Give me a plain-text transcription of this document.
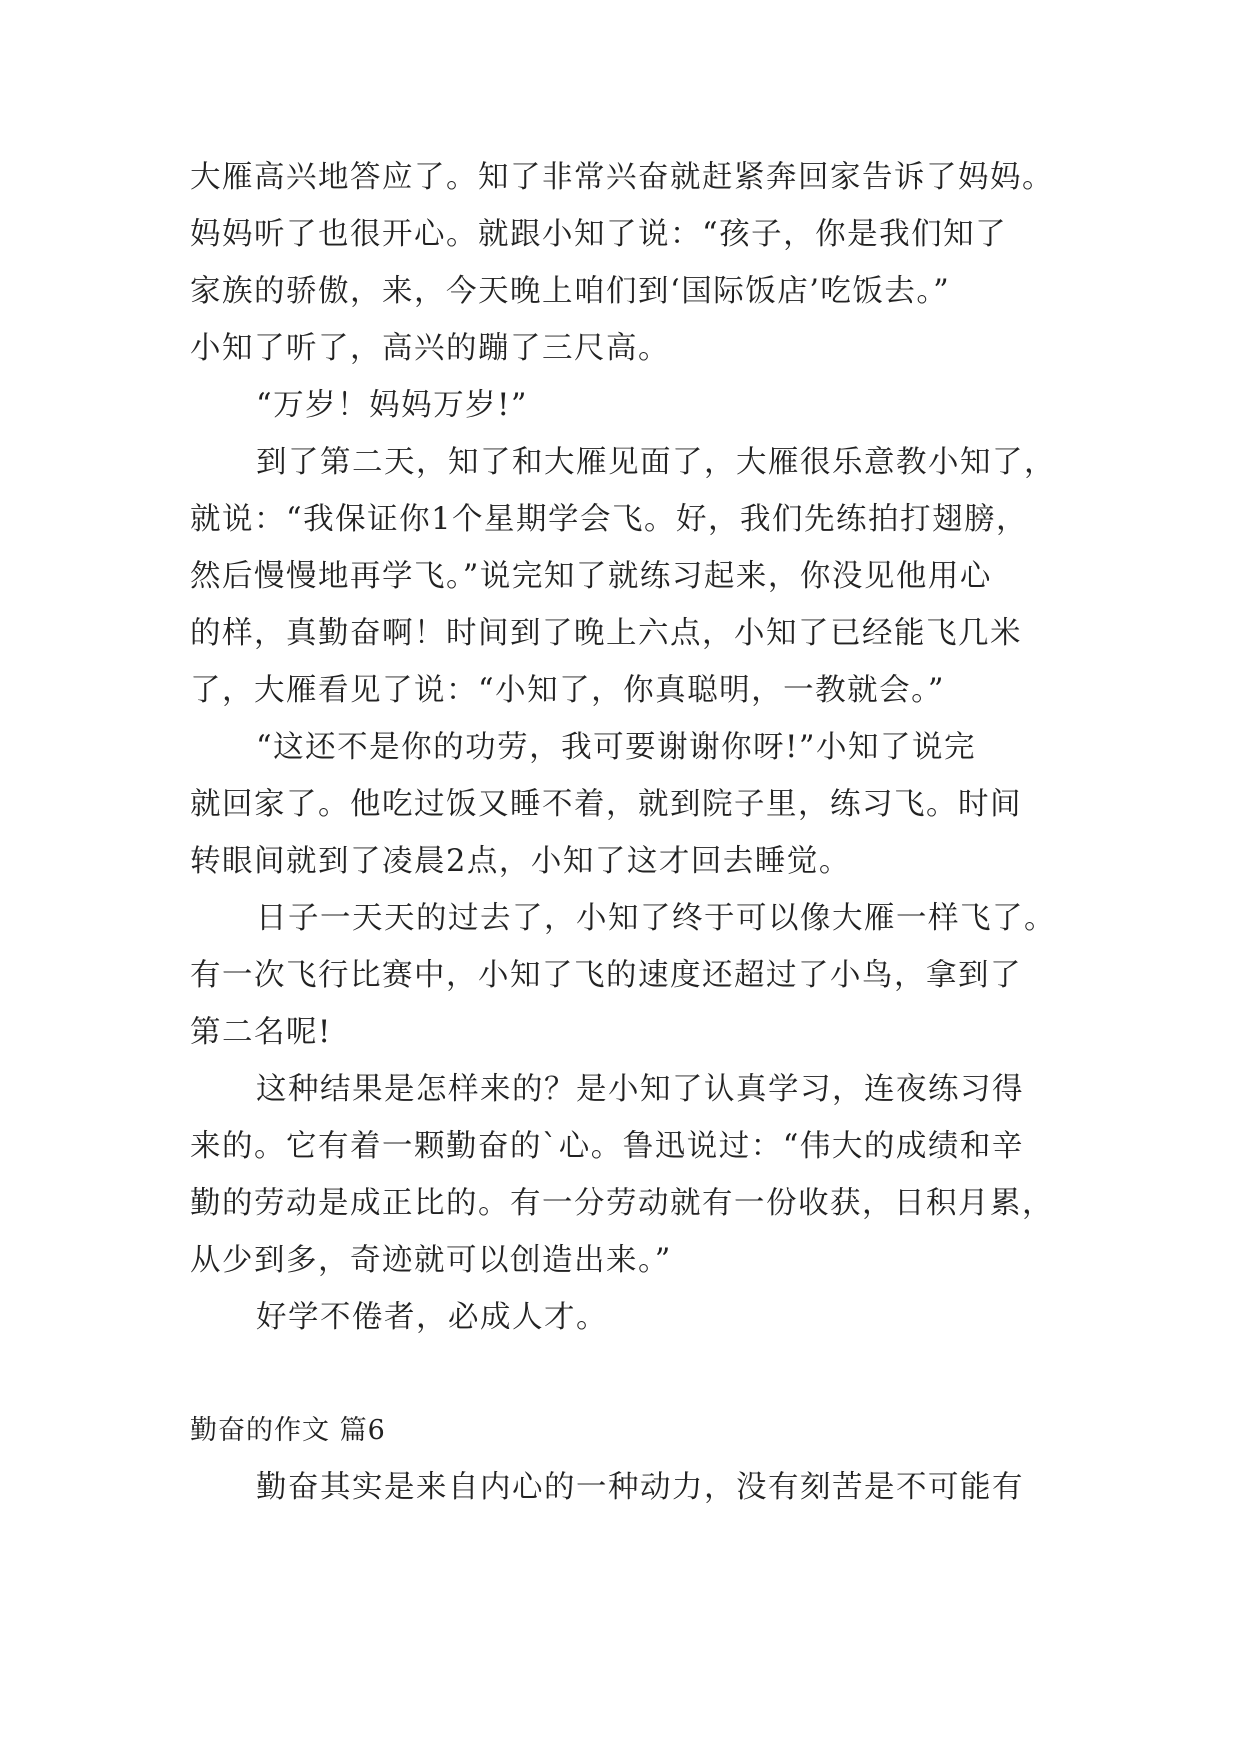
大雁高兴地答应了。知了非常兴奋就赶紧奔回家告诉了妈妈。
妈妈听了也很开心。就跟小知了说：“孩子，你是我们知了
家族的骄傲，来，今天晚上咱们到‘国际饭店’吃饭去。”
小知了听了，高兴的蹦了三尺高。
“万岁！妈妈万岁!”
到了第二天，知了和大雁见面了，大雁很乐意教小知了，
就说：“我保证你1个星期学会飞。好，我们先练拍打翅膀，
然后慢慢地再学飞。”说完知了就练习起来，你没见他用心
的样，真勤奋啊！时间到了晚上六点，小知了已经能飞几米
了，大雁看见了说：“小知了，你真聪明，一教就会。”
“这还不是你的功劳，我可要谢谢你呀!”小知了说完
就回家了。他吃过饭又睡不着，就到院子里，练习飞。时间
转眼间就到了凌晨2点，小知了这才回去睡觉。
日子一天天的过去了，小知了终于可以像大雁一样飞了。
有一次飞行比赛中，小知了飞的速度还超过了小鸟，拿到了
第二名呢!
这种结果是怎样来的？是小知了认真学习，连夜练习得
来的。它有着一颗勤奋的`心。鲁迅说过：“伟大的成绩和辛
勤的劳动是成正比的。有一分劳动就有一份收获，日积月累，
从少到多，奇迹就可以创造出来。”
好学不倦者，必成人才。
勤奋的作文 篇6
勤奋其实是来自内心的一种动力，没有刻苦是不可能有
